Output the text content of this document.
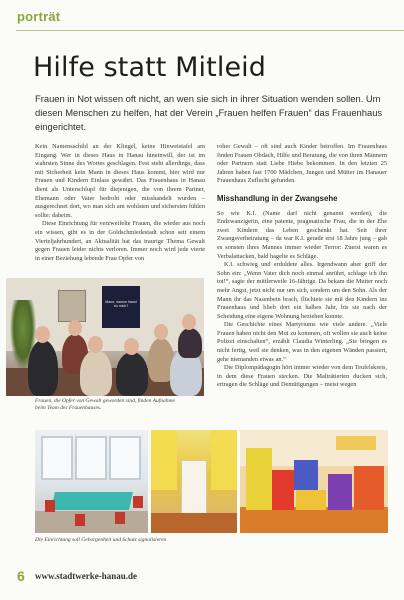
porträt
Hilfe statt Mitleid
Frauen in Not wissen oft nicht, an wen sie sich in ihrer Situation wenden sollen. Um diesen Menschen zu helfen, hat der Verein „Frauen helfen Frauen“ das Frauenhaus eingerichtet.

Kein Namensschild an der Klingel, keine Hinweistafel am Eingang. Wer in dieses Haus in Hanau hineinwill, der ist im wahrsten Sinne des Wortes geschlagen. Fest steht allerdings, dass mit Sicherheit kein Mann in dieses Haus kommt, hier wird nur Frauen und Kindern Einlass gewährt. Das Frauenhaus in Hanau dient als Unterschlupf für diejenigen, die von ihrem Partner, Ehemann oder Vater bedroht oder misshandelt wurden – ausgerechnet dort, wo man sich am wohlsten und sichersten fühlen sollte: daheim.

Diese Einrichtung für verzweifelte Frauen, die wieder aus noch ein wissen, gibt es in der Goldschmiedestadt schon seit einem Vierteljahrhundert, an Aktualität hat das traurige Thema Gewalt gegen Frauen leider nichts verloren. Immer noch wird jede vierte in einer Beziehung lebende Frau Opfer von

roher Gewalt – oft sind auch Kinder betroffen. Im Frauenhaus finden Frauen Obdach, Hilfe und Beratung, die von ihren Männern oder Partnern statt Liebe Hiebe bekommen. In den letzten 25 Jahren haben fast 1700 Mädchen, Jungen und Mütter im Hanauer Frauenhaus Zuflucht gefunden.

Misshandlung in der Zwangsehe

So wie K.I. (Name darf nicht genannt werden), die Endzwanzigerin, eine patente, pragmatische Frau, die in der Ehe zwei Kindern das Leben geschenkt hat. Seit ihrer Zwangsverheiratung – da war K.I. gerade erst 18 Jahre jung – gab es sonsten ihres Mannes immer wieder Terror: Zuerst waren es Verbalattacken, bald hagelte es Schläge.

K.I. schwieg und erduldete alles. Irgendwann aber griff der Sohn ein: „Wenn Vater dich noch einmal anrührt, schlage ich ihn tot!“, sagte der mittlerweile 16-Jährige. Da bekam die Mutter noch mehr Angst, jetzt nicht nur um sich, sondern um den Sohn. Als der Mann ihr das Nasenbein brach, flüchtete sie mit den Kindern ins Frauenhaus und blieb dort ein halbes Jahr, bis sie nach der Scheidung eine eigene Wohnung beziehen konnte.

Die Geschichte eines Martyriums wie viele andere. „Viele Frauen haben nicht den Mut zu kommen, oft wollen sie auch keine Polizei einschalten“, erzählt Claudia Winterling. „Sie bringen es nicht fertig, weil sie denken, was in den eigenen Wänden passiert, gehe niemanden etwas an.“

Die Diplompädagogin hört immer wieder von dem Teufelskreis, in dem diese Frauen stecken. Die Malträtierten ducken sich, ertragen die Schläge und Demütigungen – meist wegen

Mann, warum haust du mich?
Frauen, die Opfer von Gewalt geworden sind, finden Aufnahme beim Team des Frauenhauses.
Die Einrichtung soll Geborgenheit und Schutz signalisieren
6 www.stadtwerke-hanau.de
